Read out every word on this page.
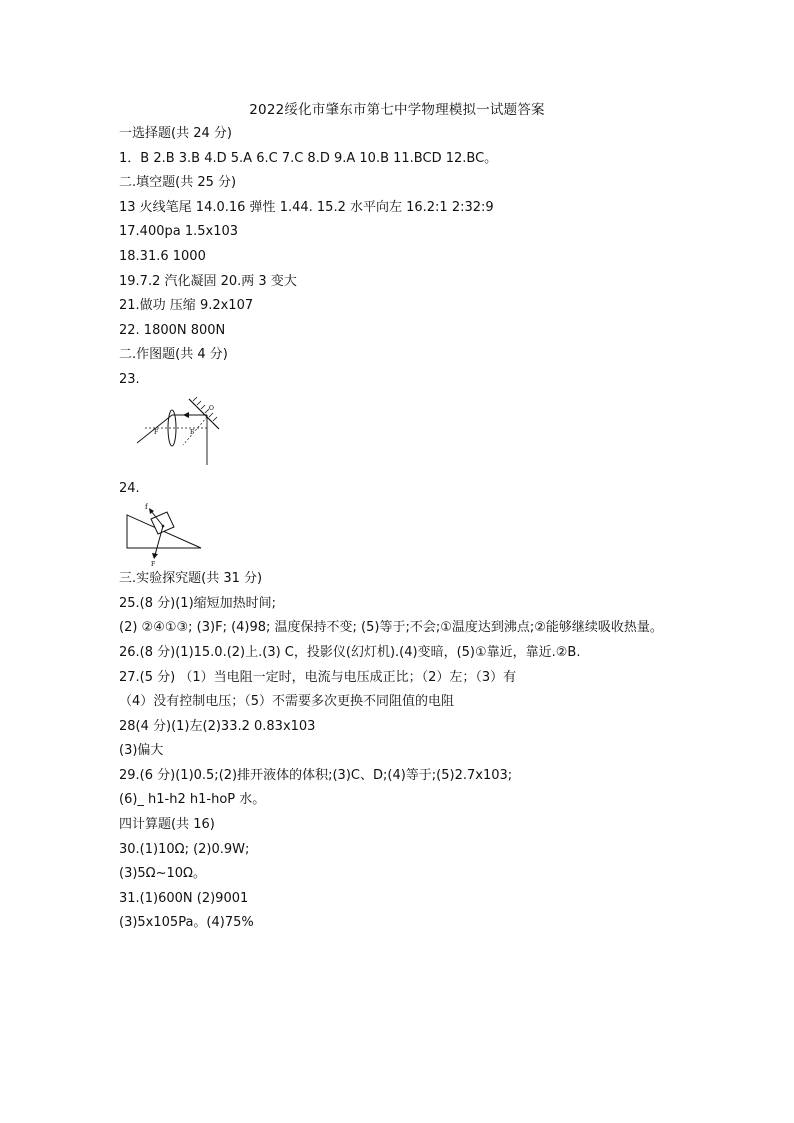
2022绥化市肇东市第七中学物理模拟一试题答案
一选择题(共 24 分)
1．B 2.B 3.B 4.D 5.A 6.C 7.C 8.D 9.A 10.B 11.BCD 12.BC。
二.填空题(共 25 分)
13 火线笔尾 14.0.16 弹性 1.44. 15.2 水平向左 16.2:1 2:32:9
17.400pa 1.5x103
18.31.6 1000
19.7.2 汽化凝固 20.两 3 变大
21.做功 压缩 9.2x107
22. 1800N 800N
二.作图题(共 4 分)
23.
O
F	F
24.
f
F
三.实验探究题(共 31 分)
25.(8 分)(1)缩短加热时间;
(2) ②④①③; (3)F; (4)98; 温度保持不变; (5)等于;不会;①温度达到沸点;②能够继续吸收热量。
26.(8 分)(1)15.0.(2)上.(3) C，投影仪(幻灯机).(4)变暗，(5)①靠近，靠近.②B.
27.(5 分) （1）当电阻一定时，电流与电压成正比；（2）左；（3）有
（4）没有控制电压；（5）不需要多次更换不同阻值的电阻
28(4 分)(1)左(2)33.2 0.83x103
(3)偏大
29.(6 分)(1)0.5;(2)排开液体的体积;(3)C、D;(4)等于;(5)2.7x103;
(6)_ h1-h2 h1-hoP 水。
四计算题(共 16)
30.(1)10Ω; (2)0.9W;
(3)5Ω~10Ω。
31.(1)600N (2)9001
(3)5x105Pa。(4)75%
